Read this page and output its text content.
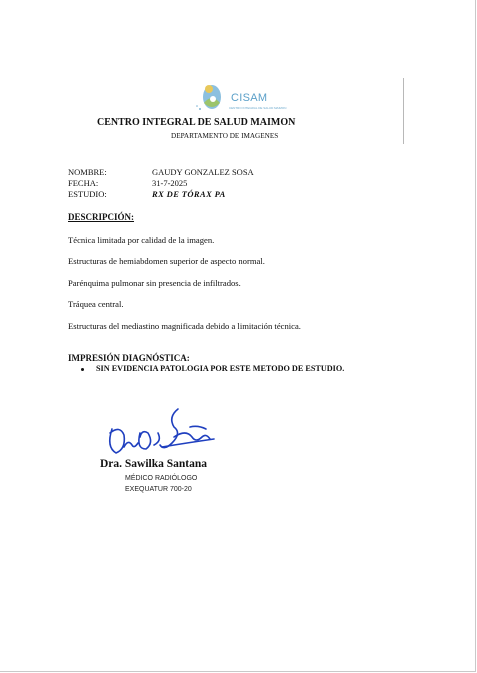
CISAM
CENTRO INTEGRAL DE SALUD MAIMON
CENTRO INTEGRAL DE SALUD MAIMON
DEPARTAMENTO DE IMAGENES
NOMBRE:	GAUDY GONZALEZ SOSA
FECHA:	31-7-2025
ESTUDIO:	RX DE TÓRAX PA
DESCRIPCIÓN:
Técnica limitada por calidad de la imagen.
Estructuras de hemiabdomen superior de aspecto normal.
Parénquima pulmonar sin presencia de infiltrados.
Tráquea central.
Estructuras del mediastino magnificada debido a limitación técnica.
IMPRESIÓN DIAGNÓSTICA:
SIN EVIDENCIA PATOLOGIA POR ESTE METODO DE ESTUDIO.
Dra. Sawilka Santana
MÉDICO RADIÓLOGO
EXEQUATUR 700-20
